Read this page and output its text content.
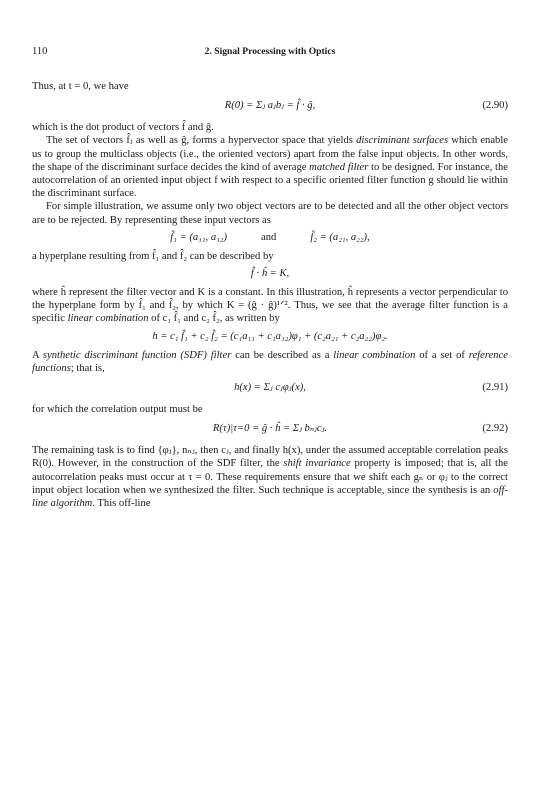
110	2. Signal Processing with Optics

Thus, at t = 0, we have

R(0) = Σⱼ aⱼbⱼ = f̂ · ĝ,	(2.90)

which is the dot product of vectors f̂ and ĝ.

The set of vectors f̂ⱼ as well as ĝ, forms a hypervector space that yields discriminant surfaces which enable us to group the multiclass objects (i.e., the oriented vectors) apart from the false input objects. In other words, the shape of the discriminant surface decides the kind of average matched filter to be designed. For instance, the autocorrelation of an oriented input object f with respect to a specific oriented filter function g should lie within the discriminant surface.

For simple illustration, we assume only two object vectors are to be detected and all the other object vectors are to be rejected. By representing these input vectors as

f̂₁ = (a₁₁, a₁₂)	and	f̂₂ = (a₂₁, a₂₂),

a hyperplane resulting from f̂₁ and f̂₂ can be described by

f̂ · ĥ = K,

where ĥ represent the filter vector and K is a constant. In this illustration, ĥ represents a vector perpendicular to the hyperplane form by f̂₁ and f̂₂, by which K = (ĝ · ĝ)¹ᐟ². Thus, we see that the average filter function is a specific linear combination of c₁ f̂₁ and c₂ f̂₂, as written by

h = c₁ f̂₁ + c₂ f̂₂ = (c₁a₁₁ + c₁a₁₂)φ₁ + (c₂a₂₁ + c₂a₂₂)φ₂.

A synthetic discriminant function (SDF) filter can be described as a linear combination of a set of reference functions; that is,

h(x) = Σⱼ cⱼφⱼ(x),	(2.91)

for which the correlation output must be

R(τ)|τ=0 = ĝ · ĥ = Σⱼ bₙⱼcⱼ.	(2.92)

The remaining task is to find {φⱼ}, nₙⱼ, then cⱼ, and finally h(x), under the assumed acceptable correlation peaks R(0). However, in the construction of the SDF filter, the shift invariance property is imposed; that is, all the autocorrelation peaks must occur at τ = 0. These requirements ensure that we shift each gₙ or φⱼ to the correct input object location when we synthesized the filter. Such technique is acceptable, since the synthesis is an off-line algorithm. This off-line
